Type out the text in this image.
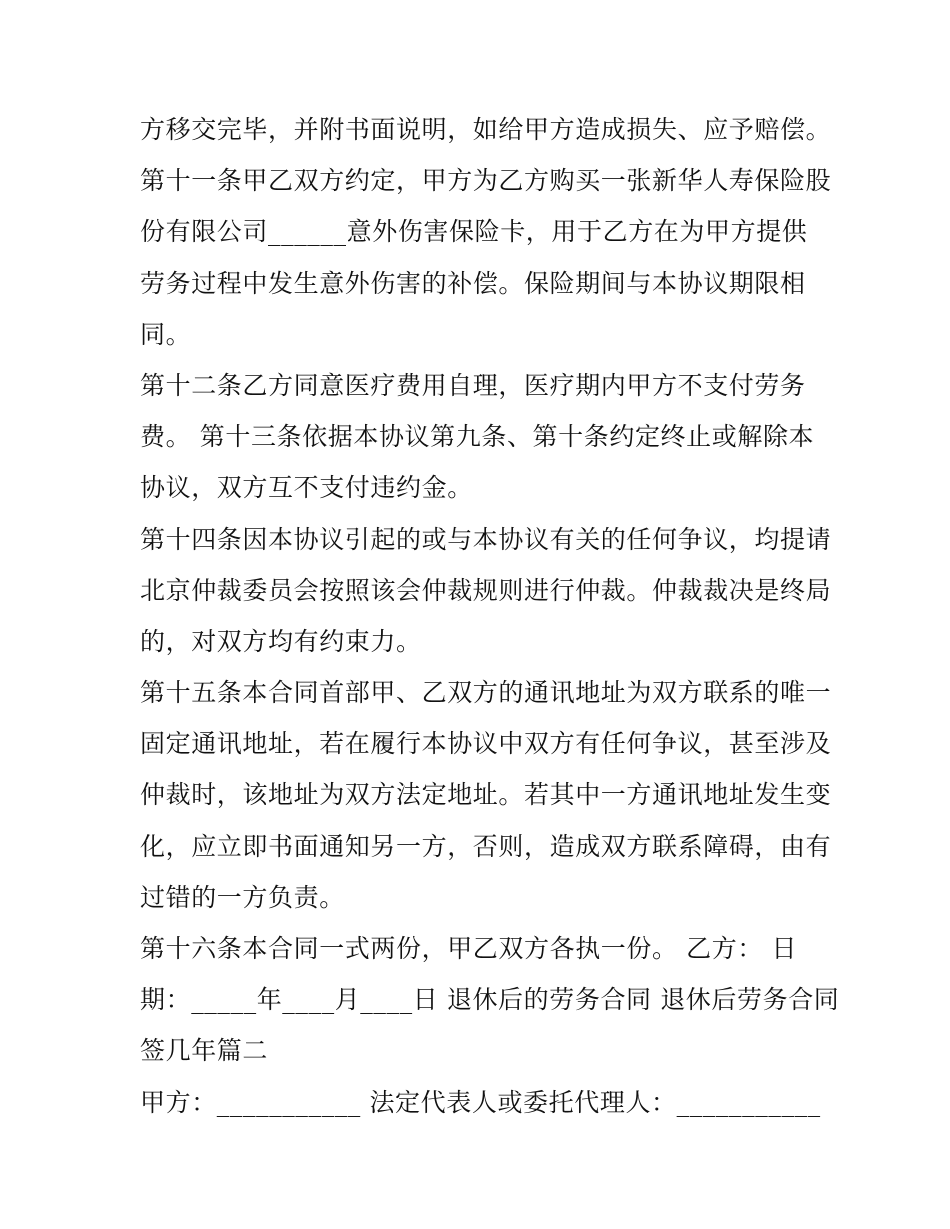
方移交完毕，并附书面说明，如给甲方造成损失、应予赔偿。
第十一条甲乙双方约定，甲方为乙方购买一张新华人寿保险股
份有限公司______意外伤害保险卡，用于乙方在为甲方提供
劳务过程中发生意外伤害的补偿。保险期间与本协议期限相
同。
第十二条乙方同意医疗费用自理，医疗期内甲方不支付劳务
费。 第十三条依据本协议第九条、第十条约定终止或解除本
协议，双方互不支付违约金。
第十四条因本协议引起的或与本协议有关的任何争议，均提请
北京仲裁委员会按照该会仲裁规则进行仲裁。仲裁裁决是终局
的，对双方均有约束力。
第十五条本合同首部甲、乙双方的通讯地址为双方联系的唯一
固定通讯地址，若在履行本协议中双方有任何争议，甚至涉及
仲裁时，该地址为双方法定地址。若其中一方通讯地址发生变
化，应立即书面通知另一方，否则，造成双方联系障碍，由有
过错的一方负责。
第十六条本合同一式两份，甲乙双方各执一份。 乙方： 日
期：_____年____月____日 退休后的劳务合同 退休后劳务合同
签几年篇二
甲方：___________ 法定代表人或委托代理人：___________
